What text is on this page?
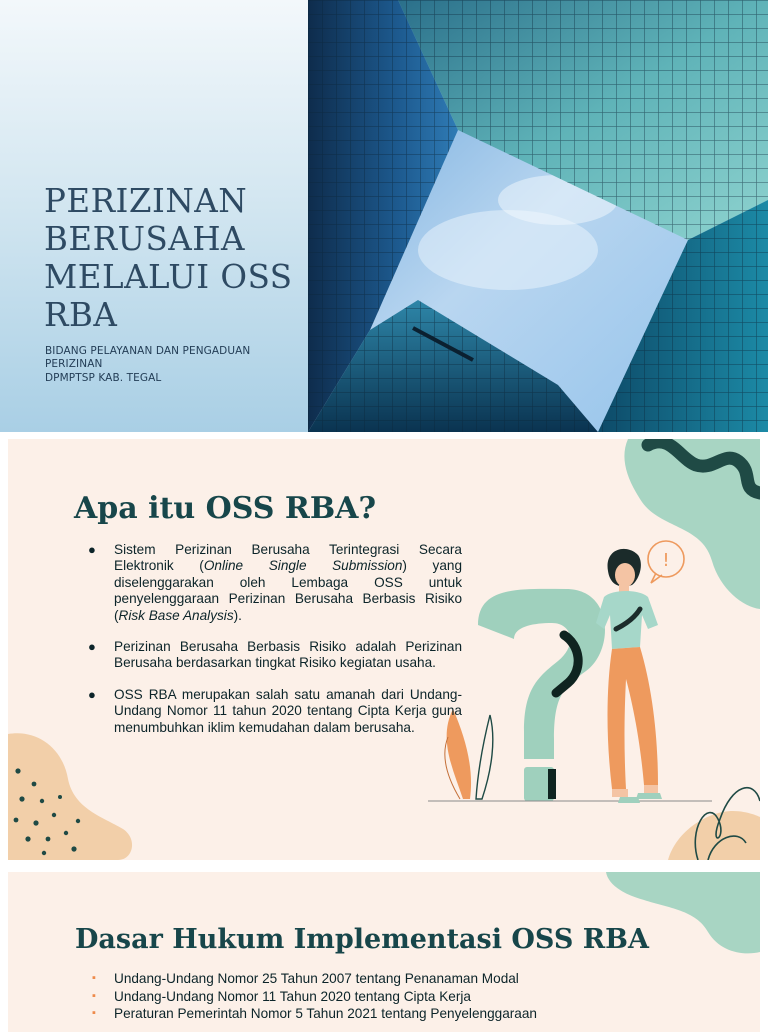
PERIZINAN BERUSAHA MELALUI OSS RBA
BIDANG PELAYANAN DAN PENGADUAN PERIZINAN
DPMPTSP KAB. TEGAL
!
Apa itu OSS RBA?
● Sistem Perizinan Berusaha Terintegrasi Secara Elektronik (Online Single Submission) yang diselenggarakan oleh Lembaga OSS untuk penyelenggaraan Perizinan Berusaha Berbasis Risiko (Risk Base Analysis).
● Perizinan Berusaha Berbasis Risiko adalah Perizinan Berusaha berdasarkan tingkat Risiko kegiatan usaha.
● OSS RBA merupakan salah satu amanah dari Undang-Undang Nomor 11 tahun 2020 tentang Cipta Kerja guna menumbuhkan iklim kemudahan dalam berusaha.
Dasar Hukum Implementasi OSS RBA
▪ Undang-Undang Nomor 25 Tahun 2007 tentang Penanaman Modal
▪ Undang-Undang Nomor 11 Tahun 2020 tentang Cipta Kerja
▪ Peraturan Pemerintah Nomor 5 Tahun 2021 tentang Penyelenggaraan
